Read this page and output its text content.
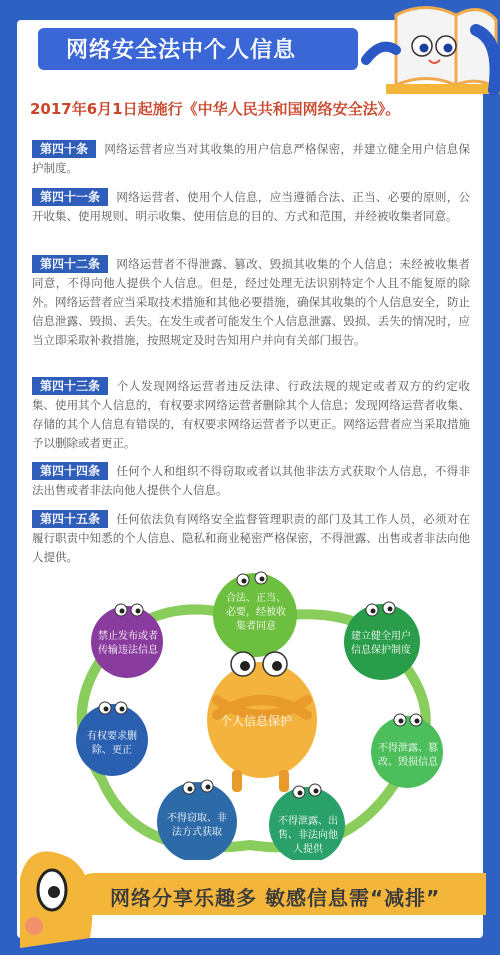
网络安全法中个人信息
2017年6月1日起施行《中华人民共和国网络安全法》。
第四十条 网络运营者应当对其收集的用户信息严格保密，并建立健全用户信息保护制度。
第四十一条 网络运营者、使用个人信息，应当遵循合法、正当、必要的原则，公开收集、使用规则、明示收集、使用信息的目的、方式和范围，并经被收集者同意。
第四十二条 网络运营者不得泄露、篡改、毁损其收集的个人信息；未经被收集者同意，不得向他人提供个人信息。但是，经过处理无法识别特定个人且不能复原的除外。网络运营者应当采取技术措施和其他必要措施，确保其收集的个人信息安全，防止信息泄露、毁损、丢失。在发生或者可能发生个人信息泄露、毁损、丢失的情况时，应当立即采取补救措施，按照规定及时告知用户并向有关部门报告。
第四十三条 个人发现网络运营者违反法律、行政法规的规定或者双方的约定收集、使用其个人信息的，有权要求网络运营者删除其个人信息；发现网络运营者收集、存储的其个人信息有错误的，有权要求网络运营者予以更正。网络运营者应当采取措施予以删除或者更正。
第四十四条 任何个人和组织不得窃取或者以其他非法方式获取个人信息，不得非法出售或者非法向他人提供个人信息。
第四十五条 任何依法负有网络安全监督管理职责的部门及其工作人员，必须对在履行职责中知悉的个人信息、隐私和商业秘密严格保密，不得泄露、出售或者非法向他人提供。
合法、正当、必要，经被收集者同意
建立健全用户信息保护制度
不得泄露、篡改、毁损信息
不得泄露、出售、非法向他人提供
不得窃取、非法方式获取
有权要求删除、更正
禁止发布或者传输违法信息
个人信息保护
网络分享乐趣多 敏感信息需“减排”
